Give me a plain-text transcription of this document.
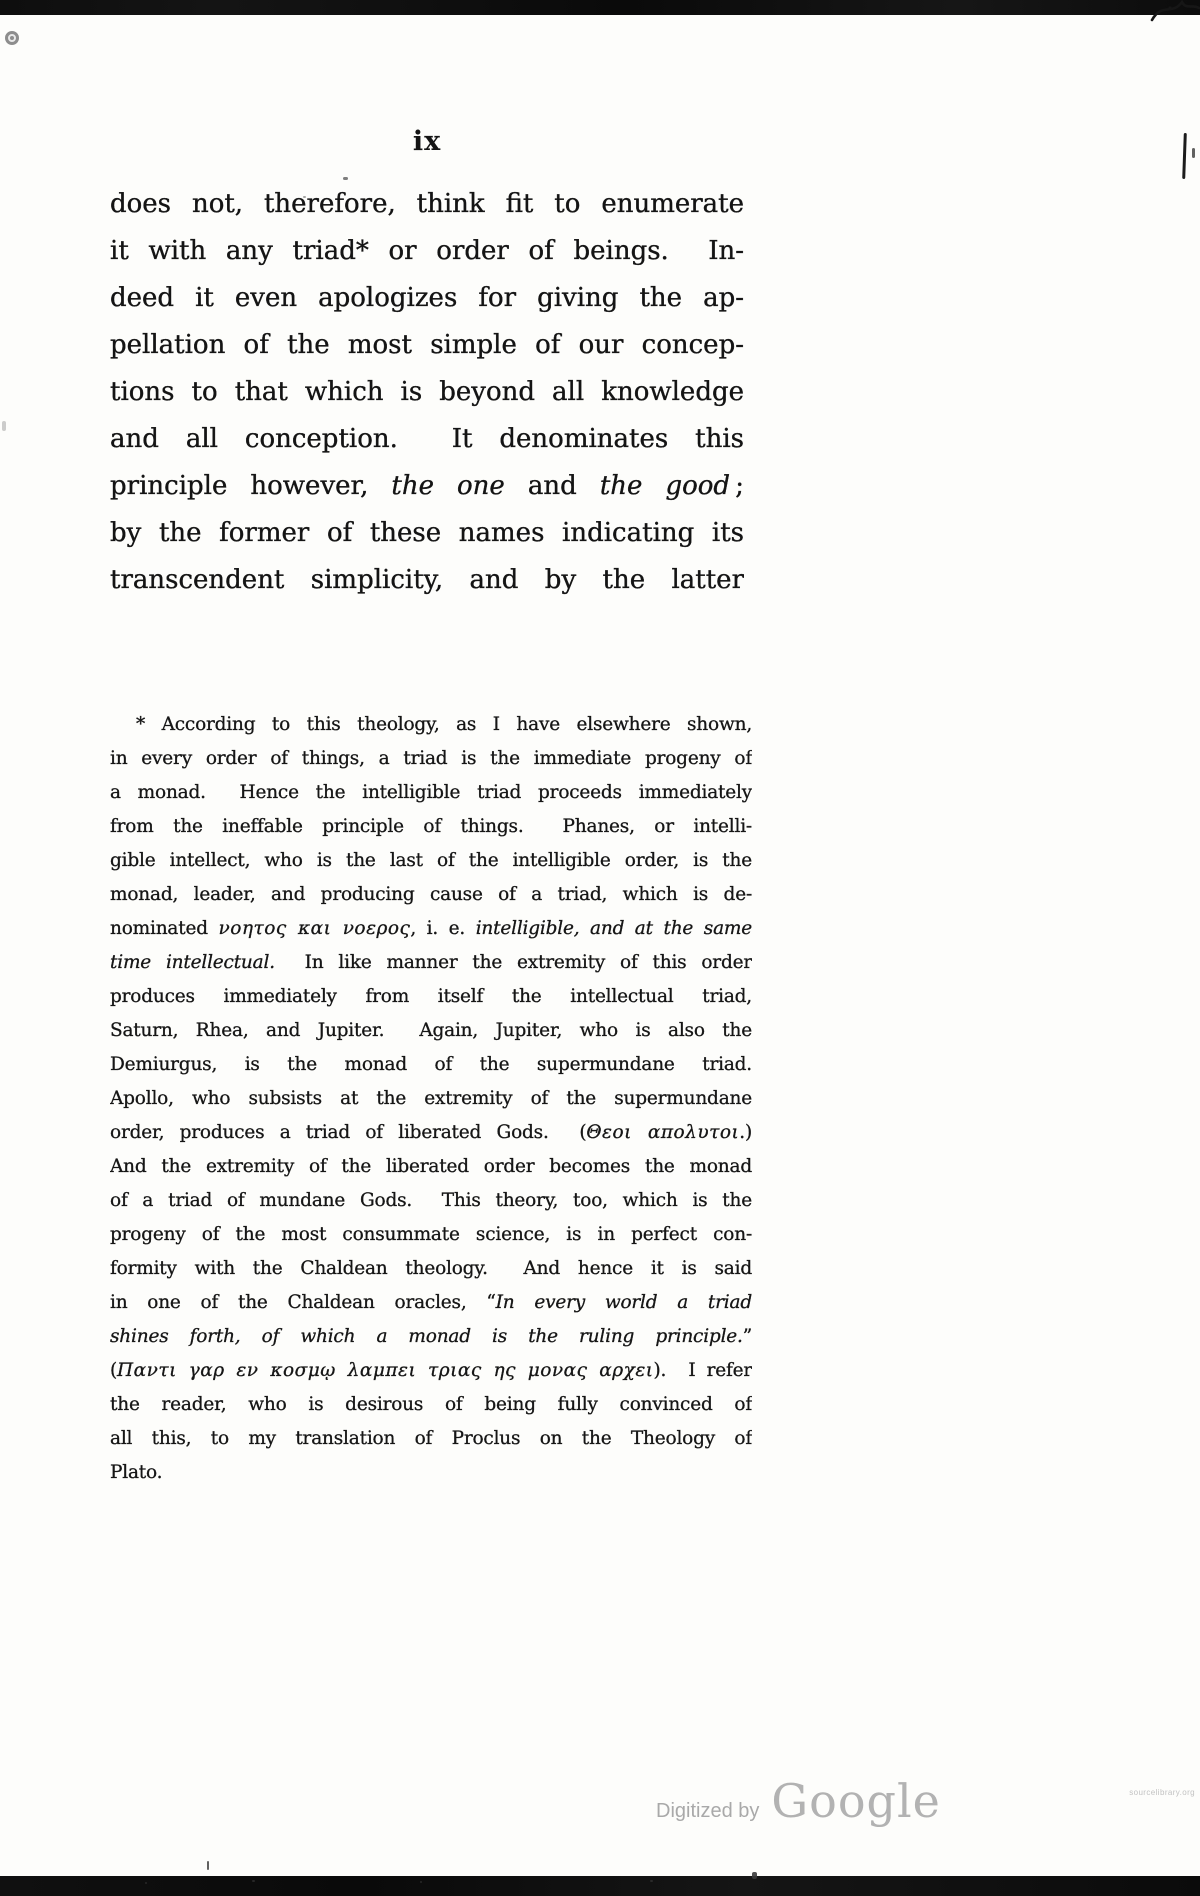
ix
does not, therefore, think fit to enumerate
it with any triad* or order of beings.  In-
deed it even apologizes for giving the ap-
pellation of the most simple of our concep-
tions to that which is beyond all knowledge
and all conception.  It denominates this
principle however, the one and the good ;
by the former of these names indicating its
transcendent simplicity, and by the latter
* According to this theology, as I have elsewhere shown,
in every order of things, a triad is the immediate progeny of
a monad.  Hence the intelligible triad proceeds immediately
from the ineffable principle of things.  Phanes, or intelli-
gible intellect, who is the last of the intelligible order, is the
monad, leader, and producing cause of a triad, which is de-
nominated νοητος και νοερος, i. e. intelligible, and at the same
time intellectual.  In like manner the extremity of this order
produces immediately from itself the intellectual triad,
Saturn, Rhea, and Jupiter.  Again, Jupiter, who is also the
Demiurgus, is the monad of the supermundane triad.
Apollo, who subsists at the extremity of the supermundane
order, produces a triad of liberated Gods.  (Θεοι απολυτοι.)
And the extremity of the liberated order becomes the monad
of a triad of mundane Gods.  This theory, too, which is the
progeny of the most consummate science, is in perfect con-
formity with the Chaldean theology.  And hence it is said
in one of the Chaldean oracles, “In every world a triad
shines forth, of which a monad is the ruling principle.”
(Παντι γαρ εν κοσμῳ λαμπει τριας ης μονας αρχει).  I refer
the reader, who is desirous of being fully convinced of
all this, to my translation of Proclus on the Theology of
Plato.
Digitized by Google	sourcelibrary.org
